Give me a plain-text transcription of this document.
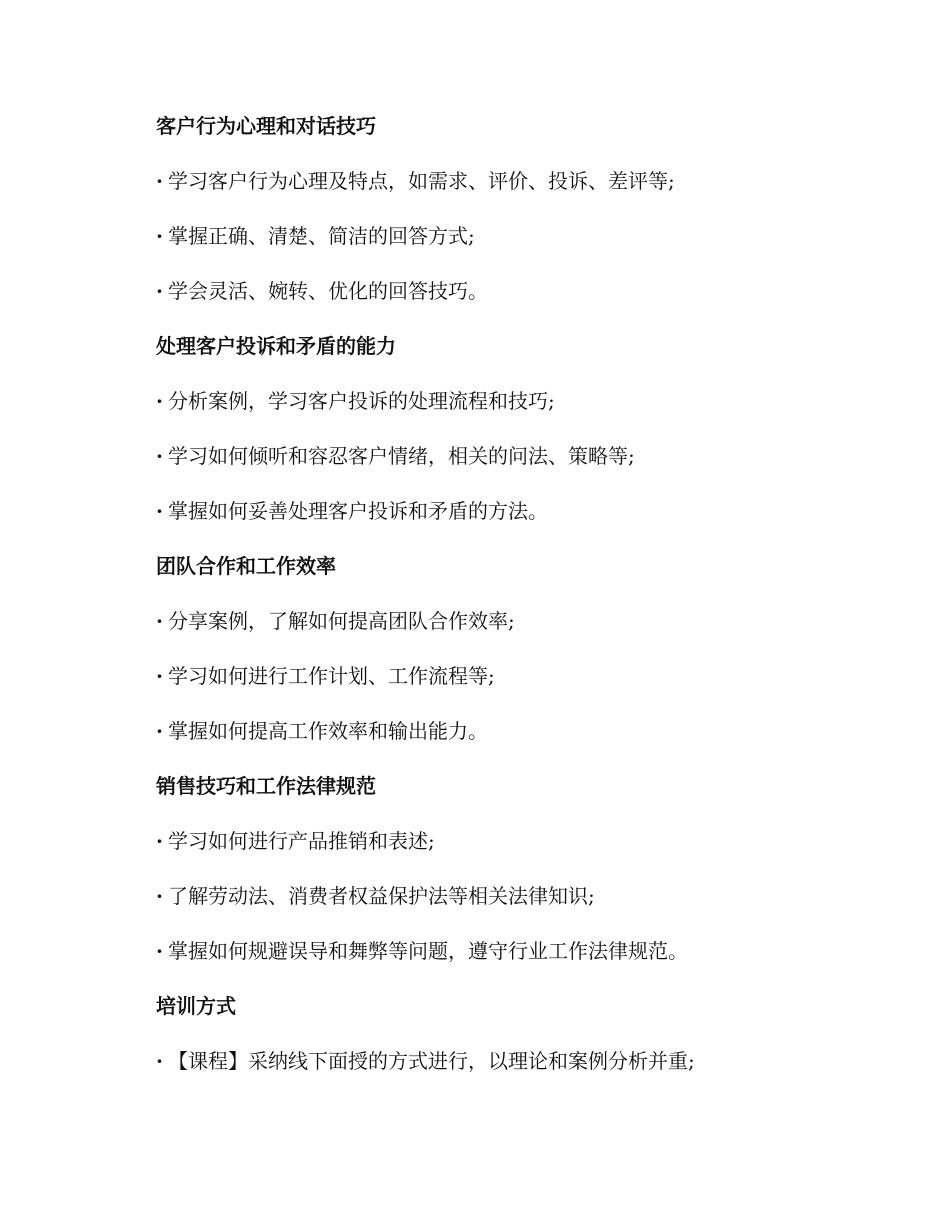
客户行为心理和对话技巧
· 学习客户行为心理及特点，如需求、评价、投诉、差评等;
· 掌握正确、清楚、简洁的回答方式;
· 学会灵活、婉转、优化的回答技巧。
处理客户投诉和矛盾的能力
· 分析案例，学习客户投诉的处理流程和技巧;
· 学习如何倾听和容忍客户情绪，相关的问法、策略等;
· 掌握如何妥善处理客户投诉和矛盾的方法。
团队合作和工作效率
· 分享案例，了解如何提高团队合作效率;
· 学习如何进行工作计划、工作流程等;
· 掌握如何提高工作效率和输出能力。
销售技巧和工作法律规范
· 学习如何进行产品推销和表述;
· 了解劳动法、消费者权益保护法等相关法律知识;
· 掌握如何规避误导和舞弊等问题，遵守行业工作法律规范。
培训方式
· 【课程】采纳线下面授的方式进行，以理论和案例分析并重;
